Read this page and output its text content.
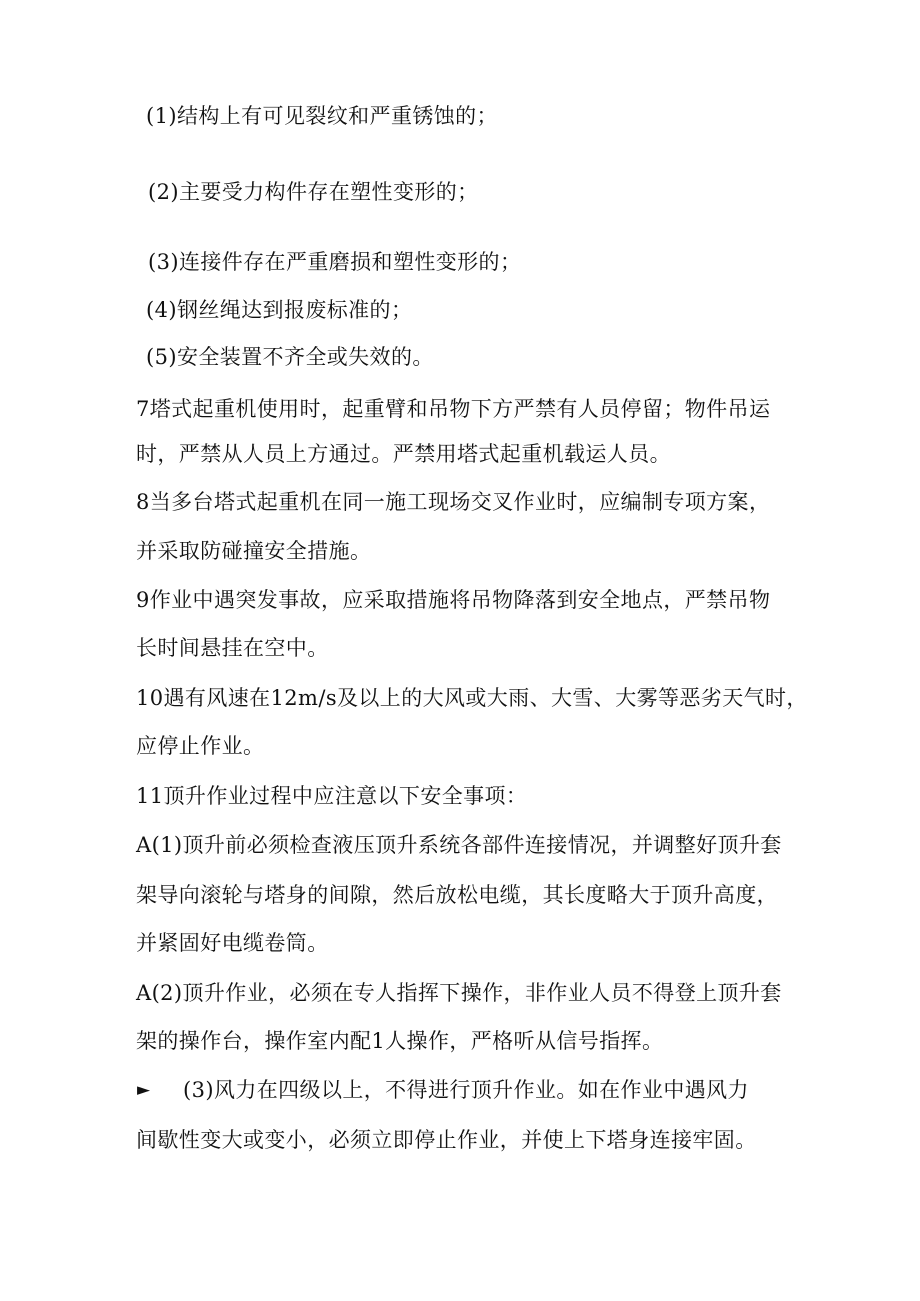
(1)结构上有可见裂纹和严重锈蚀的；
(2)主要受力构件存在塑性变形的；
(3)连接件存在严重磨损和塑性变形的；
(4)钢丝绳达到报废标准的；
(5)安全装置不齐全或失效的。
7塔式起重机使用时，起重臂和吊物下方严禁有人员停留；物件吊运
时，严禁从人员上方通过。严禁用塔式起重机载运人员。
8当多台塔式起重机在同一施工现场交叉作业时，应编制专项方案，
并采取防碰撞安全措施。
9作业中遇突发事故，应采取措施将吊物降落到安全地点，严禁吊物
长时间悬挂在空中。
10遇有风速在12m/s及以上的大风或大雨、大雪、大雾等恶劣天气时，
应停止作业。
11顶升作业过程中应注意以下安全事项：
A(1)顶升前必须检查液压顶升系统各部件连接情况，并调整好顶升套
架导向滚轮与塔身的间隙，然后放松电缆，其长度略大于顶升高度，
并紧固好电缆卷筒。
A(2)顶升作业，必须在专人指挥下操作，非作业人员不得登上顶升套
架的操作台，操作室内配1人操作，严格听从信号指挥。
► (3)风力在四级以上，不得进行顶升作业。如在作业中遇风力
间歇性变大或变小，必须立即停止作业，并使上下塔身连接牢固。
